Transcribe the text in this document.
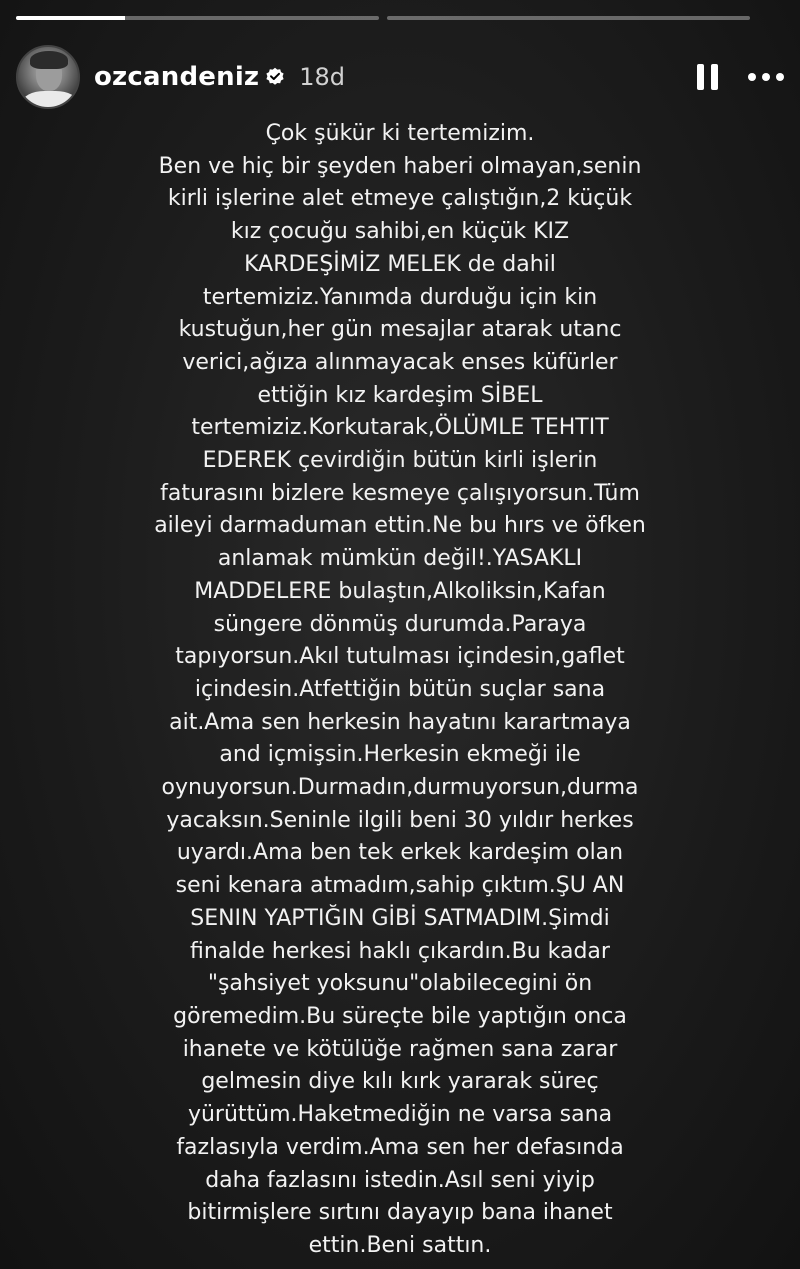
ozcandeniz 18d
Çok şükür ki tertemizim.
Ben ve hiç bir şeyden haberi olmayan,senin
kirli işlerine alet etmeye çalıştığın,2 küçük
kız çocuğu sahibi,en küçük KIZ
KARDEŞİMİZ MELEK de dahil
tertemiziz.Yanımda durduğu için kin
kustuğun,her gün mesajlar atarak utanc
verici,ağıza alınmayacak enses küfürler
ettiğin kız kardeşim SİBEL
tertemiziz.Korkutarak,ÖLÜMLE TEHTIT
EDEREK çevirdiğin bütün kirli işlerin
faturasını bizlere kesmeye çalışıyorsun.Tüm
aileyi darmaduman ettin.Ne bu hırs ve öfken
anlamak mümkün değil!.YASAKLI
MADDELERE bulaştın,Alkoliksin,Kafan
süngere dönmüş durumda.Paraya
tapıyorsun.Akıl tutulması içindesin,gaflet
içindesin.Atfettiğin bütün suçlar sana
ait.Ama sen herkesin hayatını karartmaya
and içmişsin.Herkesin ekmeği ile
oynuyorsun.Durmadın,durmuyorsun,durma
yacaksın.Seninle ilgili beni 30 yıldır herkes
uyardı.Ama ben tek erkek kardeşim olan
seni kenara atmadım,sahip çıktım.ŞU AN
SENIN YAPTIĞIN GİBİ SATMADIM.Şimdi
finalde herkesi haklı çıkardın.Bu kadar
"şahsiyet yoksunu"olabilecegini ön
göremedim.Bu süreçte bile yaptığın onca
ihanete ve kötülüğe rağmen sana zarar
gelmesin diye kılı kırk yararak süreç
yürüttüm.Haketmediğin ne varsa sana
fazlasıyla verdim.Ama sen her defasında
daha fazlasını istedin.Asıl seni yiyip
bitirmişlere sırtını dayayıp bana ihanet
ettin.Beni sattın.
